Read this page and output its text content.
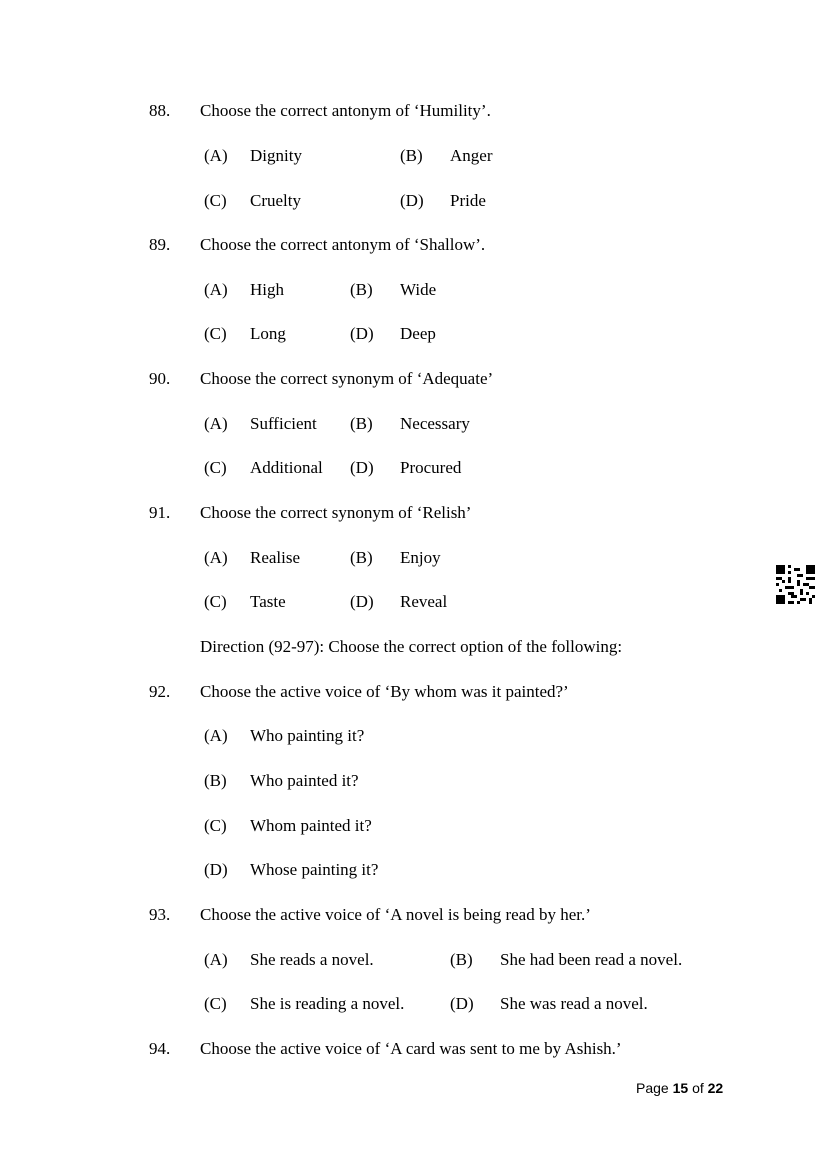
88. Choose the correct antonym of ‘Humility’.
(A) Dignity	(B) Anger
(C) Cruelty	(D) Pride
89. Choose the correct antonym of ‘Shallow’.
(A) High	(B) Wide
(C) Long	(D) Deep
90. Choose the correct synonym of ‘Adequate’
(A) Sufficient (B) Necessary
(C) Additional (D) Procured
91. Choose the correct synonym of ‘Relish’
(A) Realise	(B) Enjoy
(C) Taste	(D) Reveal
Direction (92-97): Choose the correct option of the following:
92. Choose the active voice of ‘By whom was it painted?’
(A) Who painting it?
(B) Who painted it?
(C) Whom painted it?
(D) Whose painting it?
93. Choose the active voice of ‘A novel is being read by her.’
(A) She reads a novel.	(B) She had been read a novel.
(C) She is reading a novel.	(D) She was read a novel.
94. Choose the active voice of ‘A card was sent to me by Ashish.’
Page 15 of 22
